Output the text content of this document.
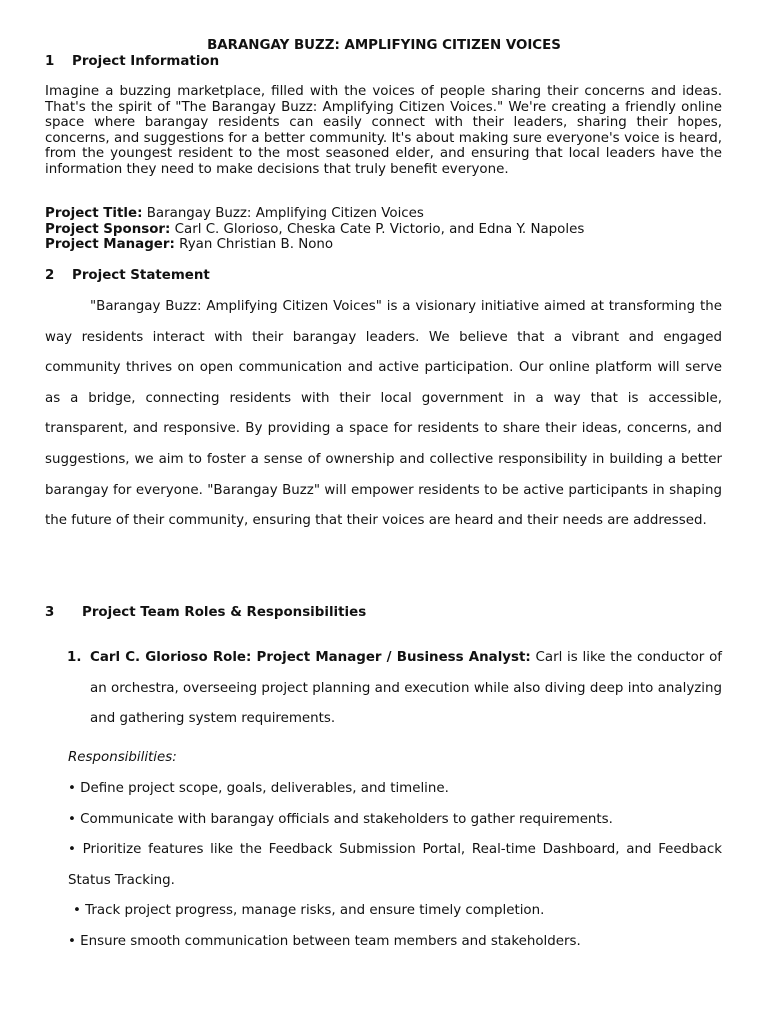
BARANGAY BUZZ: AMPLIFYING CITIZEN VOICES
1 Project Information

Imagine a buzzing marketplace, filled with the voices of people sharing their concerns and ideas. That's the spirit of "The Barangay Buzz: Amplifying Citizen Voices." We're creating a friendly online space where barangay residents can easily connect with their leaders, sharing their hopes, concerns, and suggestions for a better community. It's about making sure everyone's voice is heard, from the youngest resident to the most seasoned elder, and ensuring that local leaders have the information they need to make decisions that truly benefit everyone.

Project Title: Barangay Buzz: Amplifying Citizen Voices
Project Sponsor: Carl C. Glorioso, Cheska Cate P. Victorio, and Edna Y. Napoles
Project Manager: Ryan Christian B. Nono
2 Project Statement

"Barangay Buzz: Amplifying Citizen Voices" is a visionary initiative aimed at transforming the way residents interact with their barangay leaders. We believe that a vibrant and engaged community thrives on open communication and active participation. Our online platform will serve as a bridge, connecting residents with their local government in a way that is accessible, transparent, and responsive. By providing a space for residents to share their ideas, concerns, and suggestions, we aim to foster a sense of ownership and collective responsibility in building a better barangay for everyone. "Barangay Buzz" will empower residents to be active participants in shaping the future of their community, ensuring that their voices are heard and their needs are addressed.

3 Project Team Roles & Responsibilities
1. Carl C. Glorioso Role: Project Manager / Business Analyst: Carl is like the conductor of an orchestra, overseeing project planning and execution while also diving deep into analyzing and gathering system requirements.
Responsibilities:
• Define project scope, goals, deliverables, and timeline.
• Communicate with barangay officials and stakeholders to gather requirements.
• Prioritize features like the Feedback Submission Portal, Real-time Dashboard, and Feedback Status Tracking.
• Track project progress, manage risks, and ensure timely completion.
• Ensure smooth communication between team members and stakeholders.
